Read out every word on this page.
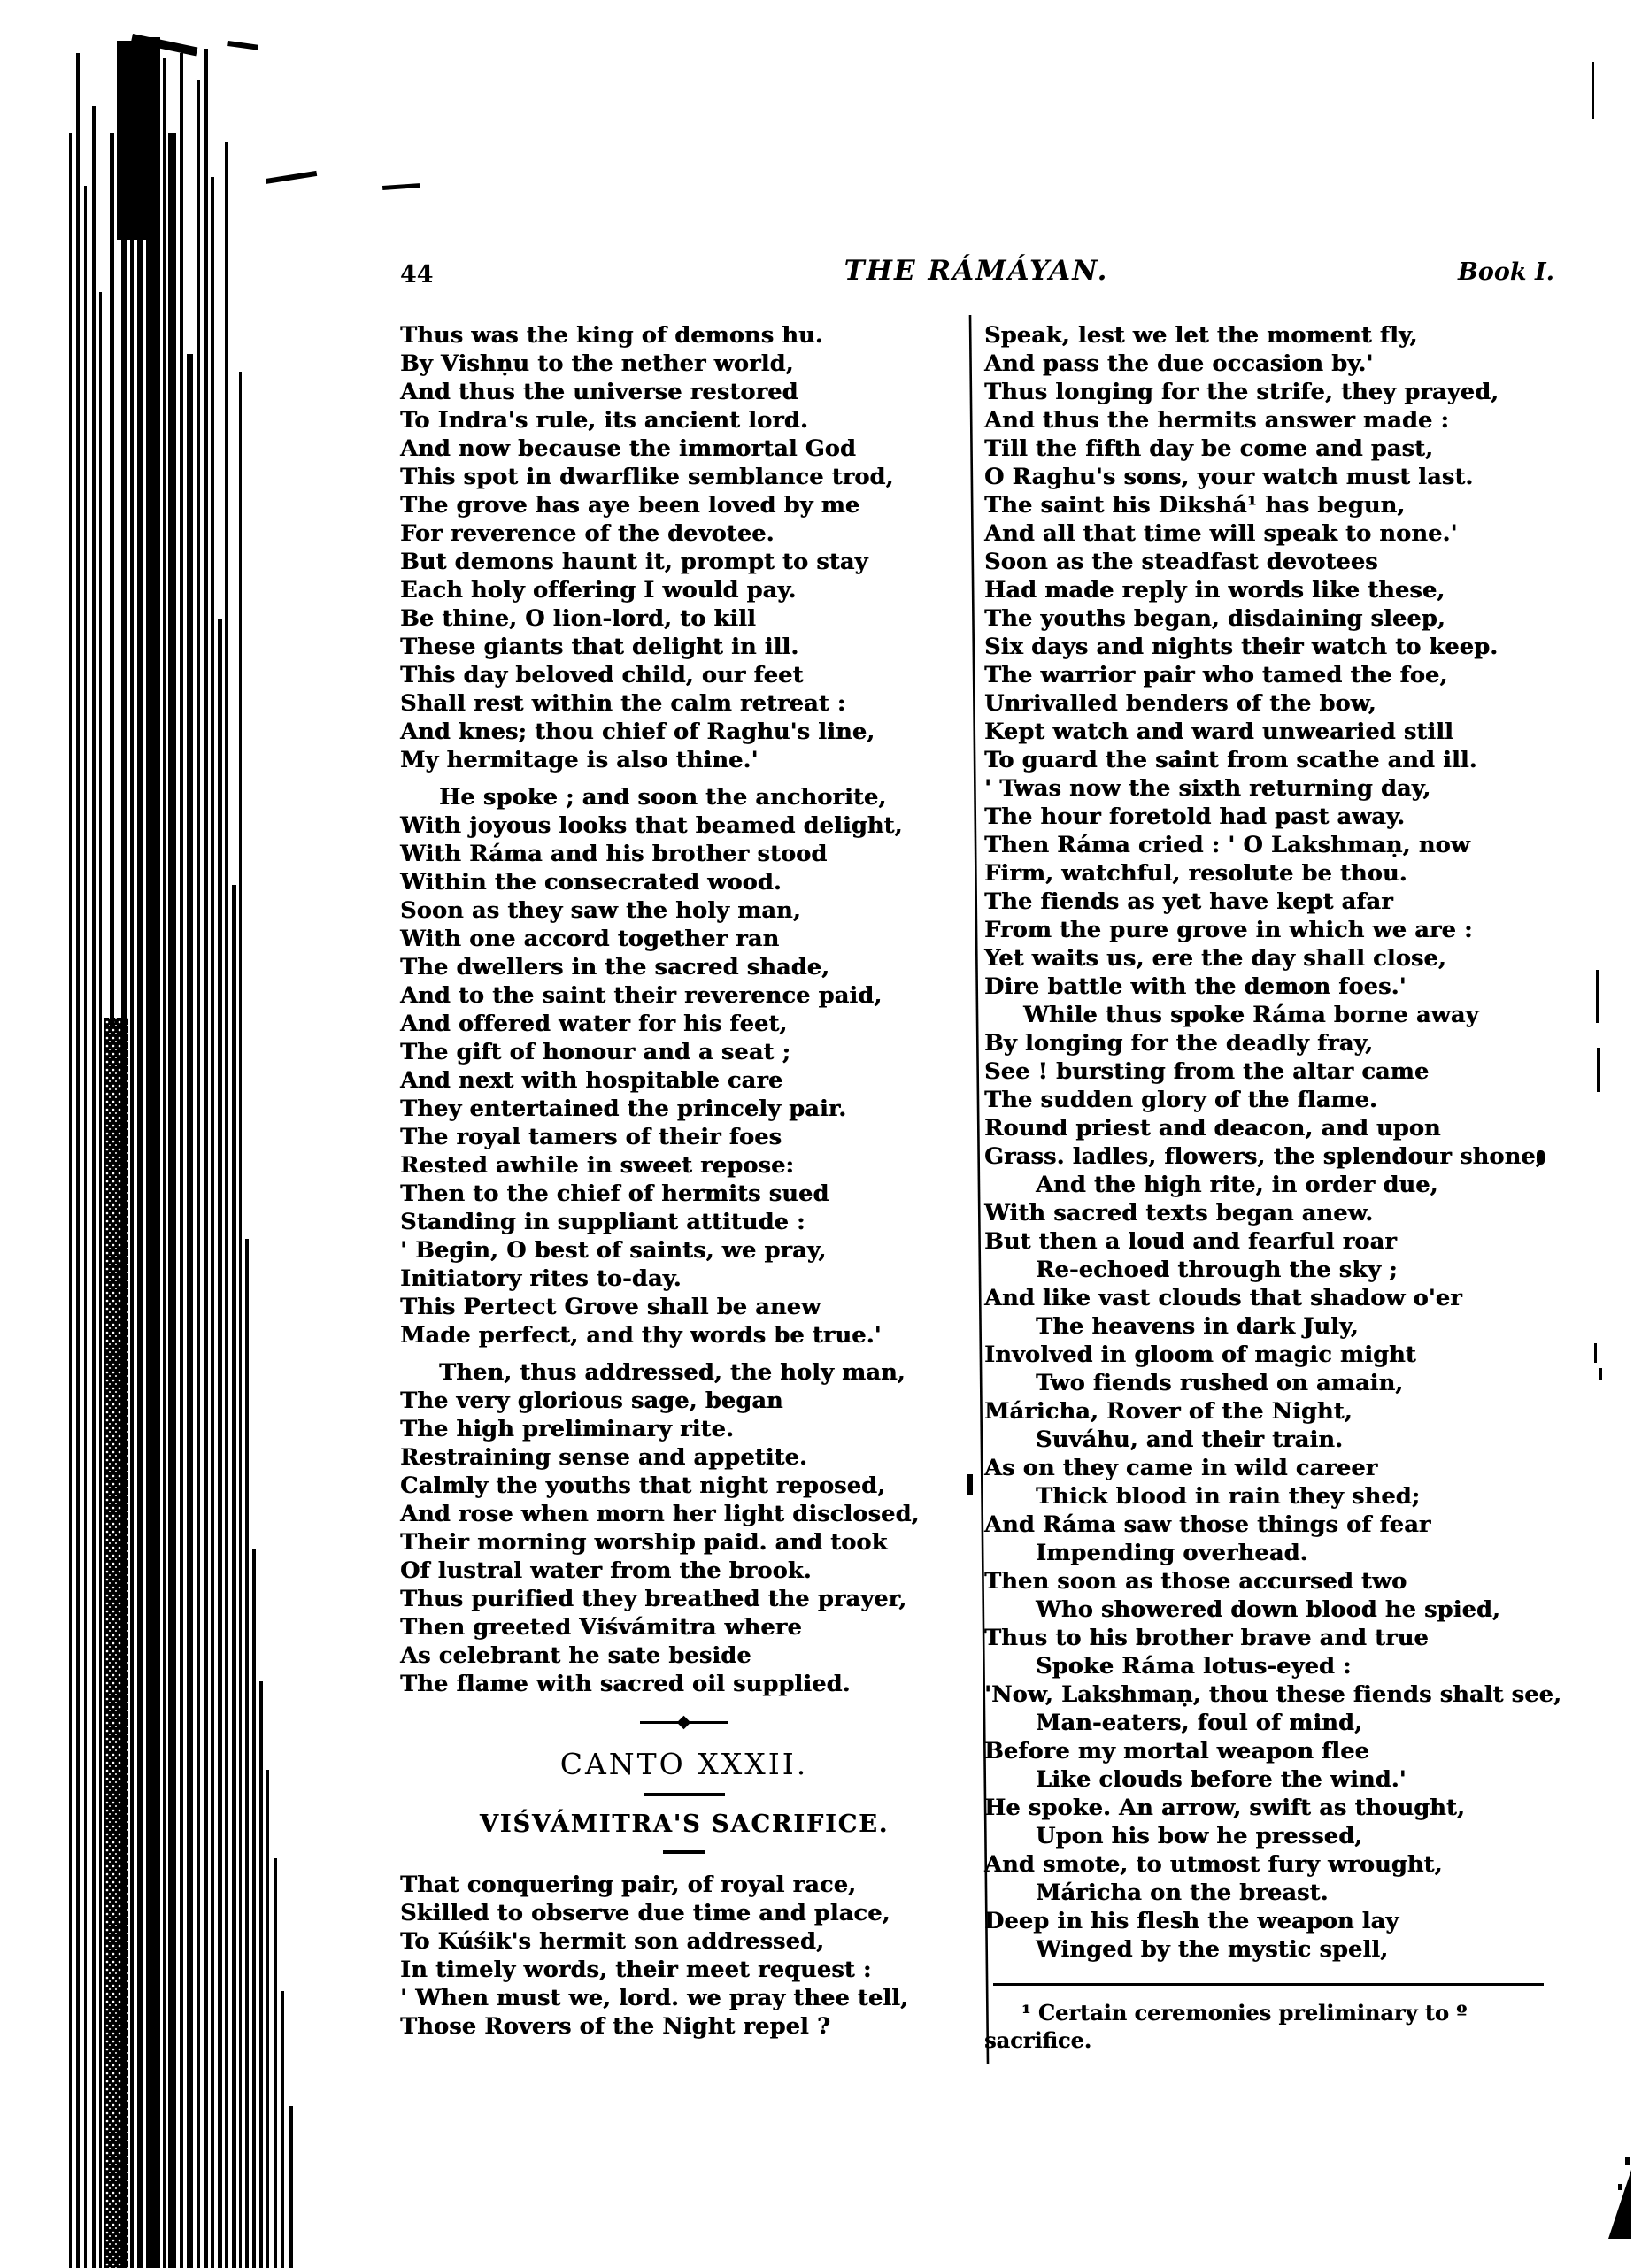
44	THE RÁMÁYAN.	Book I.
Thus was the king of demons hu.
By Vishṇu to the nether world,
And thus the universe restored
To Indra's rule, its ancient lord.
And now because the immortal God
This spot in dwarflike semblance trod,
The grove has aye been loved by me
For reverence of the devotee.
But demons haunt it, prompt to stay
Each holy offering I would pay.
Be thine, O lion-lord, to kill
These giants that delight in ill.
This day beloved child, our feet
Shall rest within the calm retreat :
And knes; thou chief of Raghu's line,
My hermitage is also thine.'
He spoke ; and soon the anchorite,
With joyous looks that beamed delight,
With Ráma and his brother stood
Within the consecrated wood.
Soon as they saw the holy man,
With one accord together ran
The dwellers in the sacred shade,
And to the saint their reverence paid,
And offered water for his feet,
The gift of honour and a seat ;
And next with hospitable care
They entertained the princely pair.
The royal tamers of their foes
Rested awhile in sweet repose:
Then to the chief of hermits sued
Standing in suppliant attitude :
' Begin, O best of saints, we pray,
Initiatory rites to-day.
This Pertect Grove shall be anew
Made perfect, and thy words be true.'
Then, thus addressed, the holy man,
The very glorious sage, began
The high preliminary rite.
Restraining sense and appetite.
Calmly the youths that night reposed,
And rose when morn her light disclosed,
Their morning worship paid. and took
Of lustral water from the brook.
Thus purified they breathed the prayer,
Then greeted Viśvámitra where
As celebrant he sate beside
The flame with sacred oil supplied.
CANTO XXXII.
VIŚVÁMITRA'S SACRIFICE.
That conquering pair, of royal race,
Skilled to observe due time and place,
To Kúśik's hermit son addressed,
In timely words, their meet request :
' When must we, lord. we pray thee tell,
Those Rovers of the Night repel ?
Speak, lest we let the moment fly,
And pass the due occasion by.'
Thus longing for the strife, they prayed,
And thus the hermits answer made :
Till the fifth day be come and past,
O Raghu's sons, your watch must last.
The saint his Dikshá¹ has begun,
And all that time will speak to none.'
Soon as the steadfast devotees
Had made reply in words like these,
The youths began, disdaining sleep,
Six days and nights their watch to keep.
The warrior pair who tamed the foe,
Unrivalled benders of the bow,
Kept watch and ward unwearied still
To guard the saint from scathe and ill.
' Twas now the sixth returning day,
The hour foretold had past away.
Then Ráma cried : ' O Lakshmaṇ, now
Firm, watchful, resolute be thou.
The fiends as yet have kept afar
From the pure grove in which we are :
Yet waits us, ere the day shall close,
Dire battle with the demon foes.'
While thus spoke Ráma borne away
By longing for the deadly fray,
See ! bursting from the altar came
The sudden glory of the flame.
Round priest and deacon, and upon
Grass. ladles, flowers, the splendour shone,
And the high rite, in order due,
With sacred texts began anew.
But then a loud and fearful roar
Re-echoed through the sky ;
And like vast clouds that shadow o'er
The heavens in dark July,
Involved in gloom of magic might
Two fiends rushed on amain,
Máricha, Rover of the Night,
Suváhu, and their train.
As on they came in wild career
Thick blood in rain they shed;
And Ráma saw those things of fear
Impending overhead.
Then soon as those accursed two
Who showered down blood he spied,
Thus to his brother brave and true
Spoke Ráma lotus-eyed :
'Now, Lakshmaṇ, thou these fiends shalt see,
Man-eaters, foul of mind,
Before my mortal weapon flee
Like clouds before the wind.'
He spoke. An arrow, swift as thought,
Upon his bow he pressed,
And smote, to utmost fury wrought,
Máricha on the breast.
Deep in his flesh the weapon lay
Winged by the mystic spell,
¹ Certain ceremonies preliminary to º
sacrifice.
